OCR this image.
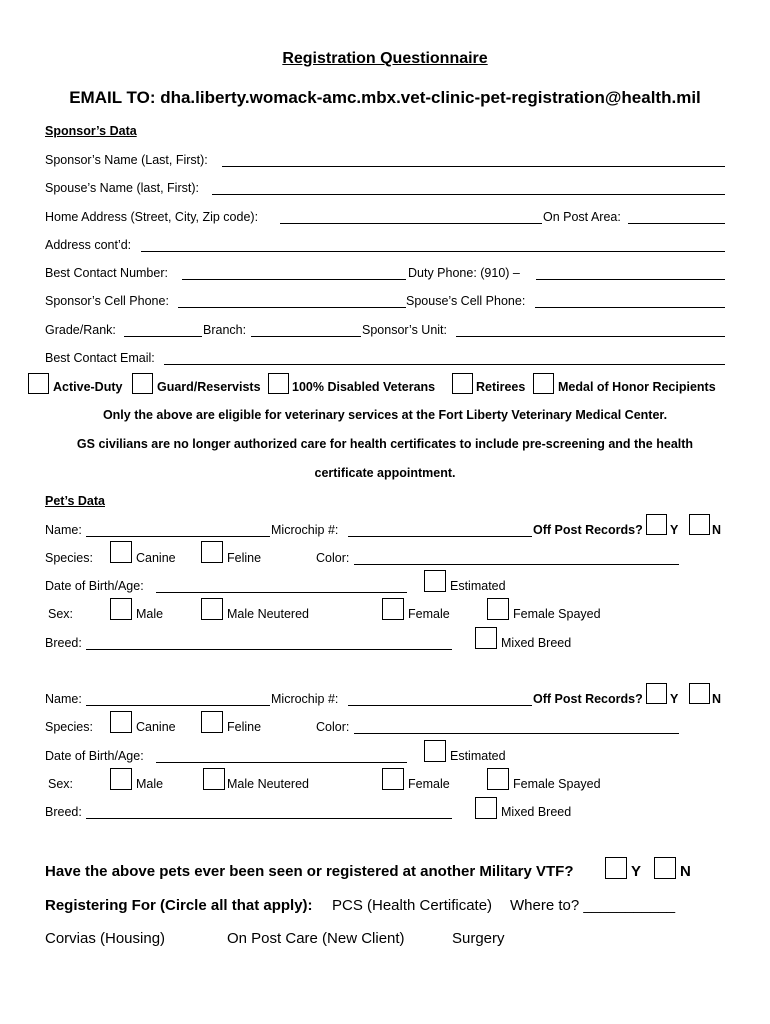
Registration Questionnaire
EMAIL TO: dha.liberty.womack-amc.mbx.vet-clinic-pet-registration@health.mil
Sponsor’s Data
Sponsor’s Name (Last, First):
Spouse’s Name (last, First):
Home Address (Street, City, Zip code):	On Post Area:
Address cont’d:
Best Contact Number:	Duty Phone: (910) –
Sponsor’s Cell Phone:	Spouse’s Cell Phone:
Grade/Rank:	Branch:	Sponsor’s Unit:
Best Contact Email:
Active-Duty	Guard/Reservists	100% Disabled Veterans	Retirees	Medal of Honor Recipients
Only the above are eligible for veterinary services at the Fort Liberty Veterinary Medical Center.
GS civilians are no longer authorized care for health certificates to include pre-screening and the health
certificate appointment.
Pet’s Data
Name:	Microchip #:	Off Post Records? Y	N
Species:	Canine	Feline	Color:
Date of Birth/Age:	Estimated
Sex:	Male	Male Neutered	Female	Female Spayed
Breed:	Mixed Breed
Name:	Microchip #:	Off Post Records? Y	N
Species:	Canine	Feline	Color:
Date of Birth/Age:	Estimated
Sex:	Male	Male Neutered	Female	Female Spayed
Breed:	Mixed Breed
Have the above pets ever been seen or registered at another Military VTF?	Y	N
Registering For (Circle all that apply): PCS (Health Certificate) Where to? ___________
Corvias (Housing)	On Post Care (New Client)	Surgery
